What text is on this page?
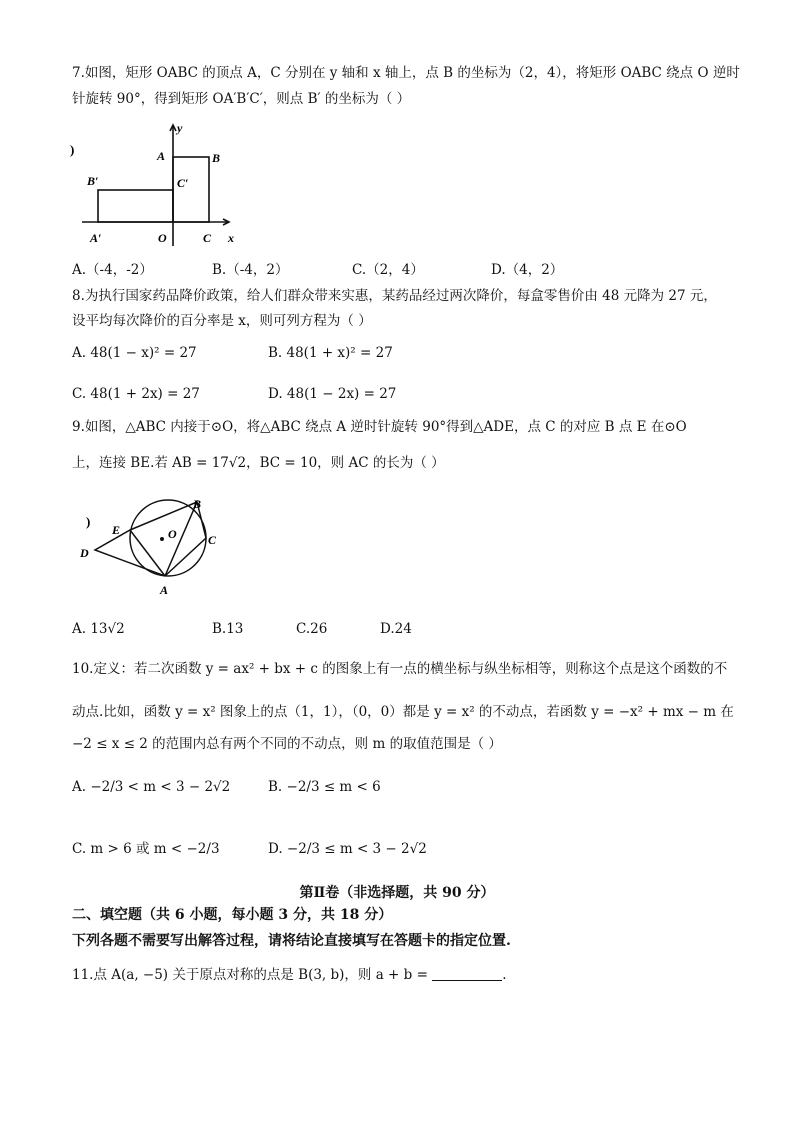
7.如图，矩形 OABC 的顶点 A，C 分别在 y 轴和 x 轴上，点 B 的坐标为（2，4），将矩形 OABC 绕点 O 逆时
针旋转 90°，得到矩形 OA′B′C′，则点 B′ 的坐标为（ ）
)
y
A	B
B′	C′
A′	O	C x
A.（-4，-2）	B.（-4，2）	C.（2，4）	D.（4，2）
8.为执行国家药品降价政策，给人们群众带来实惠，某药品经过两次降价，每盒零售价由 48 元降为 27 元，
设平均每次降价的百分率是 x，则可列方程为（ ）
A. 48(1 − x)² = 27	B. 48(1 + x)² = 27
C. 48(1 + 2x) = 27	D. 48(1 − 2x) = 27
9.如图，△ABC 内接于⊙O，将△ABC 绕点 A 逆时针旋转 90°得到△ADE，点 C 的对应 B 点 E 在⊙O
上，连接 BE.若 AB = 17√2，BC = 10，则 AC 的长为（ ）
)
B
E	O	C
D
A
A. 13√2	B.13	C.26	D.24
10.定义：若二次函数 y = ax² + bx + c 的图象上有一点的横坐标与纵坐标相等，则称这个点是这个函数的不
动点.比如，函数 y = x² 图象上的点（1，1），（0，0）都是 y = x² 的不动点，若函数 y = −x² + mx − m 在
−2 ≤ x ≤ 2 的范围内总有两个不同的不动点，则 m 的取值范围是（ ）
A. −2/3 < m < 3 − 2√2	B. −2/3 ≤ m < 6
C. m > 6 或 m < −2/3	D. −2/3 ≤ m < 3 − 2√2
第Ⅱ卷（非选择题，共 90 分）
二、填空题（共 6 小题，每小题 3 分，共 18 分）
下列各题不需要写出解答过程，请将结论直接填写在答题卡的指定位置.
11.点 A(a, −5) 关于原点对称的点是 B(3, b)，则 a + b =	.
